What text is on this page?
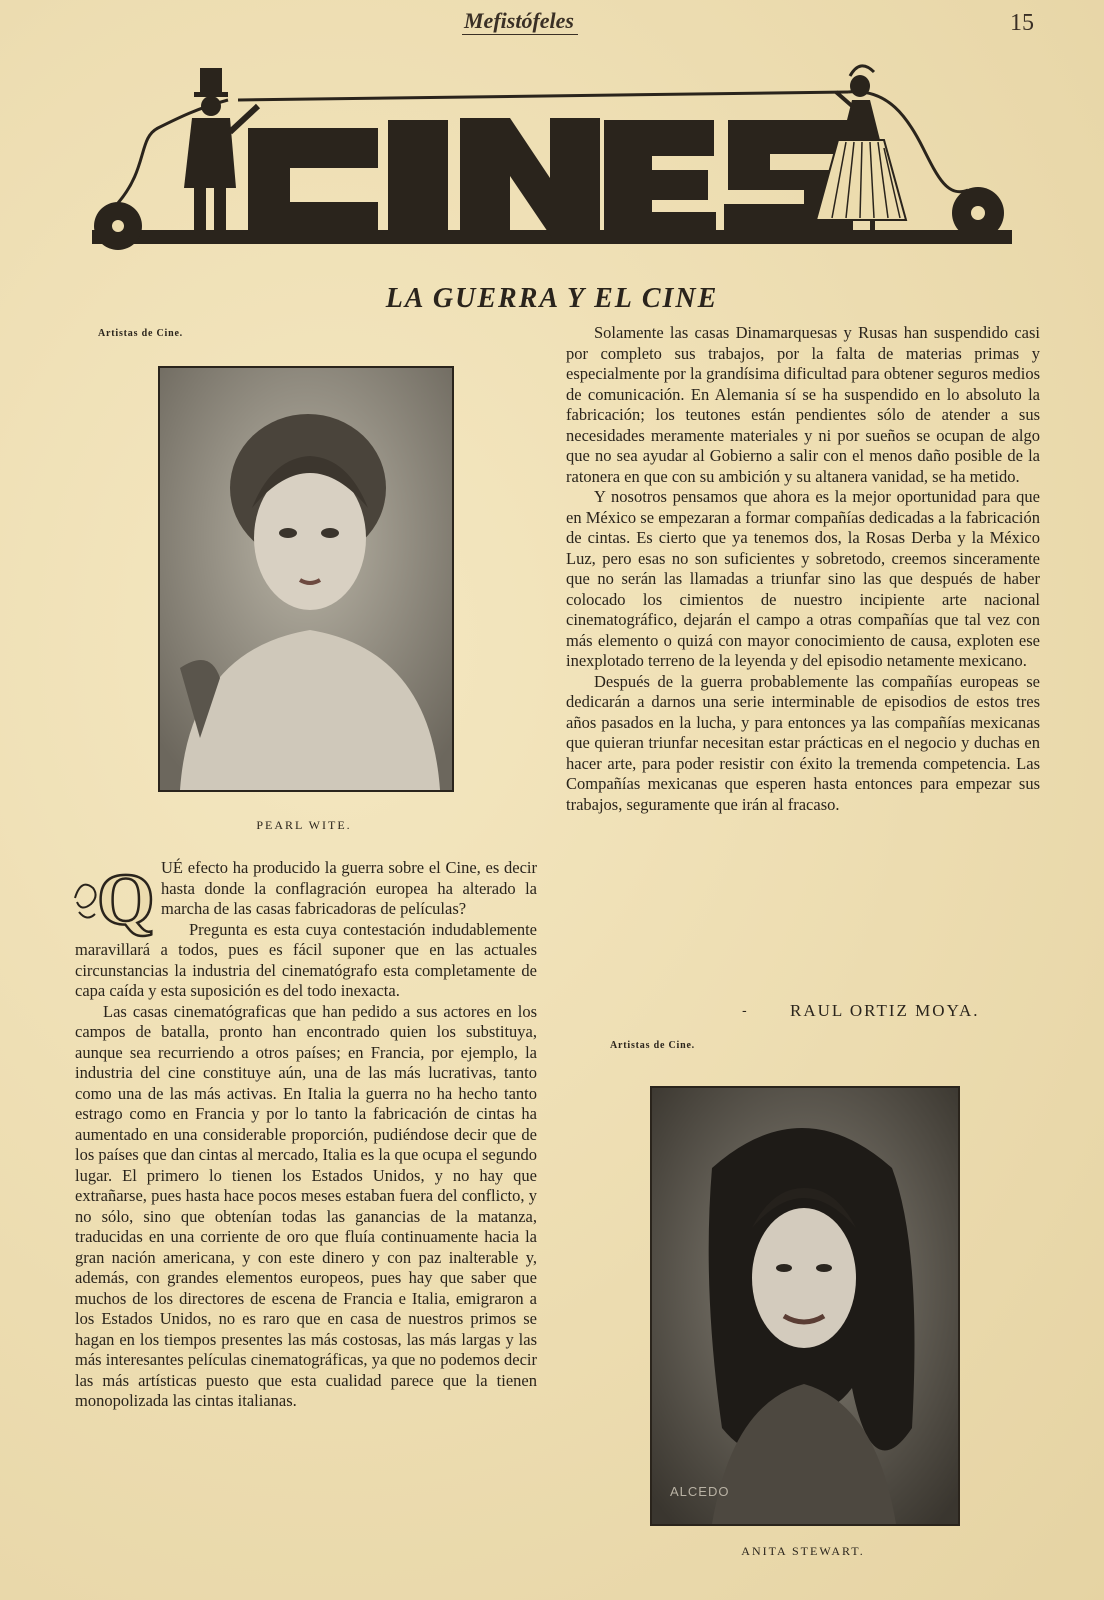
Mefistófeles	15
LA GUERRA Y EL CINE
Artistas de Cine.
PEARL WITE.
Q UÉ efecto ha producido la guerra sobre el Cine, es decir hasta donde la conflagración europea ha alterado la marcha de las casas fabricadoras de películas?

Pregunta es esta cuya contestación indudablemente maravillará a todos, pues es fácil suponer que en las actuales circunstancias la industria del cinematógrafo esta completamente de capa caída y esta suposición es del todo inexacta.

Las casas cinematógraficas que han pedido a sus actores en los campos de batalla, pronto han encontrado quien los substituya, aunque sea recurriendo a otros países; en Francia, por ejemplo, la industria del cine constituye aún, una de las más lucrativas, tanto como una de las más activas. En Italia la guerra no ha hecho tanto estrago como en Francia y por lo tanto la fabricación de cintas ha aumentado en una considerable proporción, pudiéndose decir que de los países que dan cintas al mercado, Italia es la que ocupa el segundo lugar. El primero lo tienen los Estados Unidos, y no hay que extrañarse, pues hasta hace pocos meses estaban fuera del conflicto, y no sólo, sino que obtenían todas las ganancias de la matanza, traducidas en una corriente de oro que fluía continuamente hacia la gran nación americana, y con este dinero y con paz inalterable y, además, con grandes elementos europeos, pues hay que saber que muchos de los directores de escena de Francia e Italia, emigraron a los Estados Unidos, no es raro que en casa de nuestros primos se hagan en los tiempos presentes las más costosas, las más largas y las más interesantes películas cinematográficas, ya que no podemos decir las más artísticas puesto que esta cualidad parece que la tienen monopolizada las cintas italianas.

Solamente las casas Dinamarquesas y Rusas han suspendido casi por completo sus trabajos, por la falta de materias primas y especialmente por la grandísima dificultad para obtener seguros medios de comunicación. En Alemania sí se ha suspendido en lo absoluto la fabricación; los teutones están pendientes sólo de atender a sus necesidades meramente materiales y ni por sueños se ocupan de algo que no sea ayudar al Gobierno a salir con el menos daño posible de la ratonera en que con su ambición y su altanera vanidad, se ha metido.

Y nosotros pensamos que ahora es la mejor oportunidad para que en México se empezaran a formar compañías dedicadas a la fabricación de cintas. Es cierto que ya tenemos dos, la Rosas Derba y la México Luz, pero esas no son suficientes y sobretodo, creemos sinceramente que no serán las llamadas a triunfar sino las que después de haber colocado los cimientos de nuestro incipiente arte nacional cinematográfico, dejarán el campo a otras compañías que tal vez con más elemento o quizá con mayor conocimiento de causa, exploten ese inexplotado terreno de la leyenda y del episodio netamente mexicano.

Después de la guerra probablemente las compañías europeas se dedicarán a darnos una serie interminable de episodios de estos tres años pasados en la lucha, y para entonces ya las compañías mexicanas que quieran triunfar necesitan estar prácticas en el negocio y duchas en hacer arte, para poder resistir con éxito la tremenda competencia. Las Compañías mexicanas que esperen hasta entonces para empezar sus trabajos, seguramente que irán al fracaso.

-	RAUL ORTIZ MOYA.
Artistas de Cine.
ALCEDO
ANITA STEWART.
